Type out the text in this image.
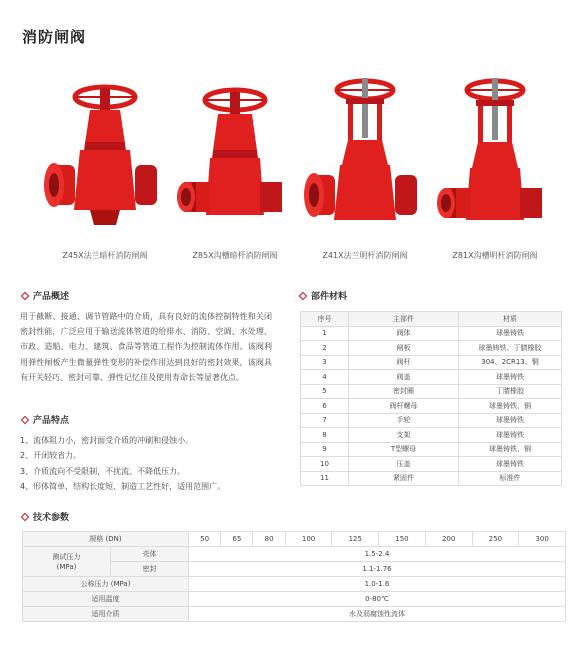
消防闸阀
Z45X法兰暗杆消防闸阀	Z85X沟槽暗杆消防闸阀	Z41X法兰明杆消防闸阀	Z81X沟槽明杆消防闸阀
产品概述

用于截断、接通、调节管路中的介质，具有良好的流体控制特性和关闭密封性能，广泛应用于输送流体管道的给排水、消防、空调、水处理、市政、造船、电力、建筑、食品等管道工程作为控制流体作用。该阀利用弹性闸板产生微量弹性变形的补偿作用达到良好的密封效果，该阀具有开关轻巧、密封可靠、弹性记忆佳及使用寿命长等显著优点。

产品特点
1、流体阻力小，密封面受介质的冲刷和侵蚀小。
2、开闭较省力。
3、介质流向不受限制，不扰流、不降低压力。
4、形体简单，结构长度短、制造工艺性好，适用范围广。
部件材料
序号	主部件	材质
1	阀体	球墨铸铁
2	闸板	球墨铸铁、丁腈橡胶
3	阀杆	304、2CR13、铜
4	阀盖	球墨铸铁
5	密封圈	丁腈橡胶
6	阀杆螺母	球墨铸铁、铜
7	手轮	球墨铸铁
8	支架	球墨铸铁
9	T型螺母	球墨铸铁、铜
10	压盖	球墨铸铁
11	紧固件	标准件
技术参数
规格 (DN)		50	65	80	100	125	150	200	250	300
测试压力
(MPa)	壳体	1.5-2.4								
	密封	1.1-1.76								
公称压力 (MPa)		1.0-1.6								
适用温度		0-80℃								
适用介质		水及弱腐蚀性流体								
